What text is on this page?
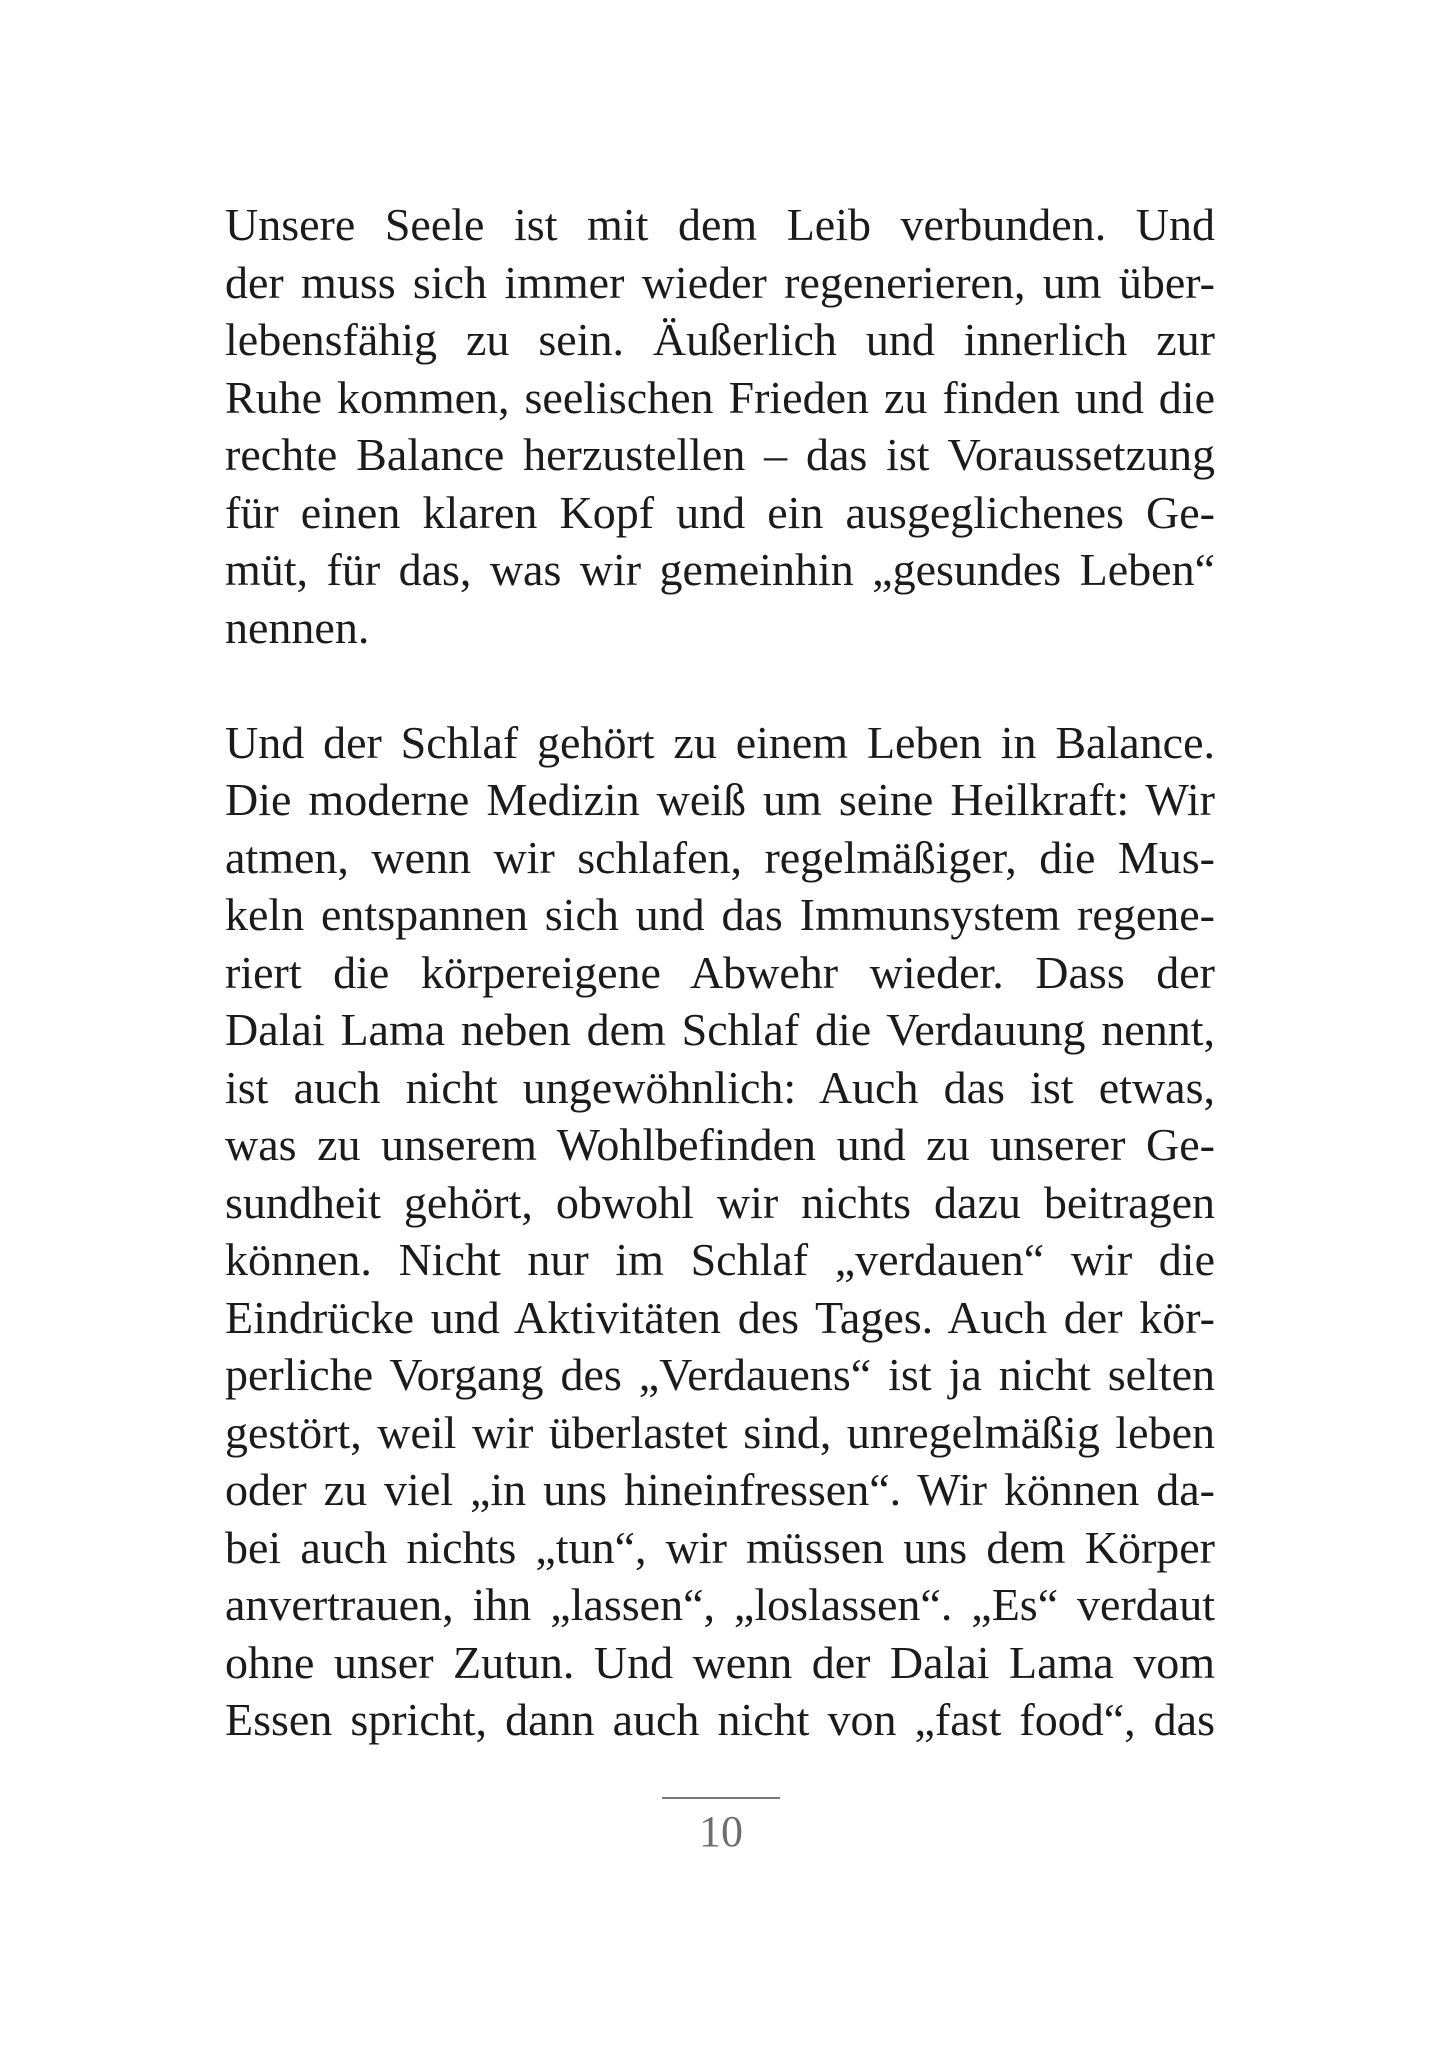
Unsere Seele ist mit dem Leib verbunden. Und
der muss sich immer wieder regenerieren, um über-
lebensfähig zu sein. Äußerlich und innerlich zur
Ruhe kommen, seelischen Frieden zu finden und die
rechte Balance herzustellen – das ist Voraussetzung
für einen klaren Kopf und ein ausgeglichenes Ge-
müt, für das, was wir gemeinhin „gesundes Leben“
nennen.
Und der Schlaf gehört zu einem Leben in Balance.
Die moderne Medizin weiß um seine Heilkraft: Wir
atmen, wenn wir schlafen, regelmäßiger, die Mus-
keln entspannen sich und das Immunsystem regene-
riert die körpereigene Abwehr wieder. Dass der
Dalai Lama neben dem Schlaf die Verdauung nennt,
ist auch nicht ungewöhnlich: Auch das ist etwas,
was zu unserem Wohlbefinden und zu unserer Ge-
sundheit gehört, obwohl wir nichts dazu beitragen
können. Nicht nur im Schlaf „verdauen“ wir die
Eindrücke und Aktivitäten des Tages. Auch der kör-
perliche Vorgang des „Verdauens“ ist ja nicht selten
gestört, weil wir überlastet sind, unregelmäßig leben
oder zu viel „in uns hineinfressen“. Wir können da-
bei auch nichts „tun“, wir müssen uns dem Körper
anvertrauen, ihn „lassen“, „loslassen“. „Es“ verdaut
ohne unser Zutun. Und wenn der Dalai Lama vom
Essen spricht, dann auch nicht von „fast food“, das
10
